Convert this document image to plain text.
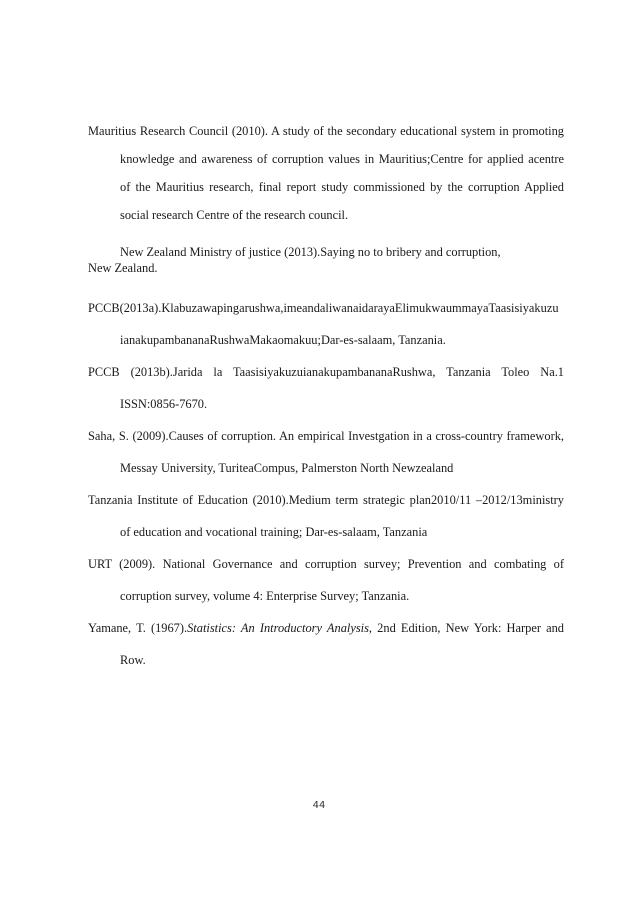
Mauritius Research Council (2010). A study of the secondary educational system in promoting
knowledge and awareness of corruption values in Mauritius;Centre for applied acentre
of the Mauritius research, final report study commissioned by the corruption Applied
social research Centre of the research council.
New Zealand Ministry of justice (2013).Saying no to bribery and corruption,
New Zealand.
PCCB(2013a).Klabuzawapingarushwa,imeandaliwanaidarayaElimukwaummayaTaasisiyakuzu
ianakupambananaRushwaMakaomakuu;Dar-es-salaam, Tanzania.
PCCB (2013b).Jarida la TaasisiyakuzuianakupambananaRushwa, Tanzania Toleo Na.1
ISSN:0856-7670.
Saha, S. (2009).Causes of corruption. An empirical Investgation in a cross-country framework,
Messay University, TuriteaCompus, Palmerston North Newzealand
Tanzania Institute of Education (2010).Medium term strategic plan2010/11 –2012/13ministry
of education and vocational training; Dar-es-salaam, Tanzania
URT (2009). National Governance and corruption survey; Prevention and combating of
corruption survey, volume 4: Enterprise Survey; Tanzania.
Yamane, T. (1967).Statistics: An Introductory Analysis, 2nd Edition, New York: Harper and
Row.
44
